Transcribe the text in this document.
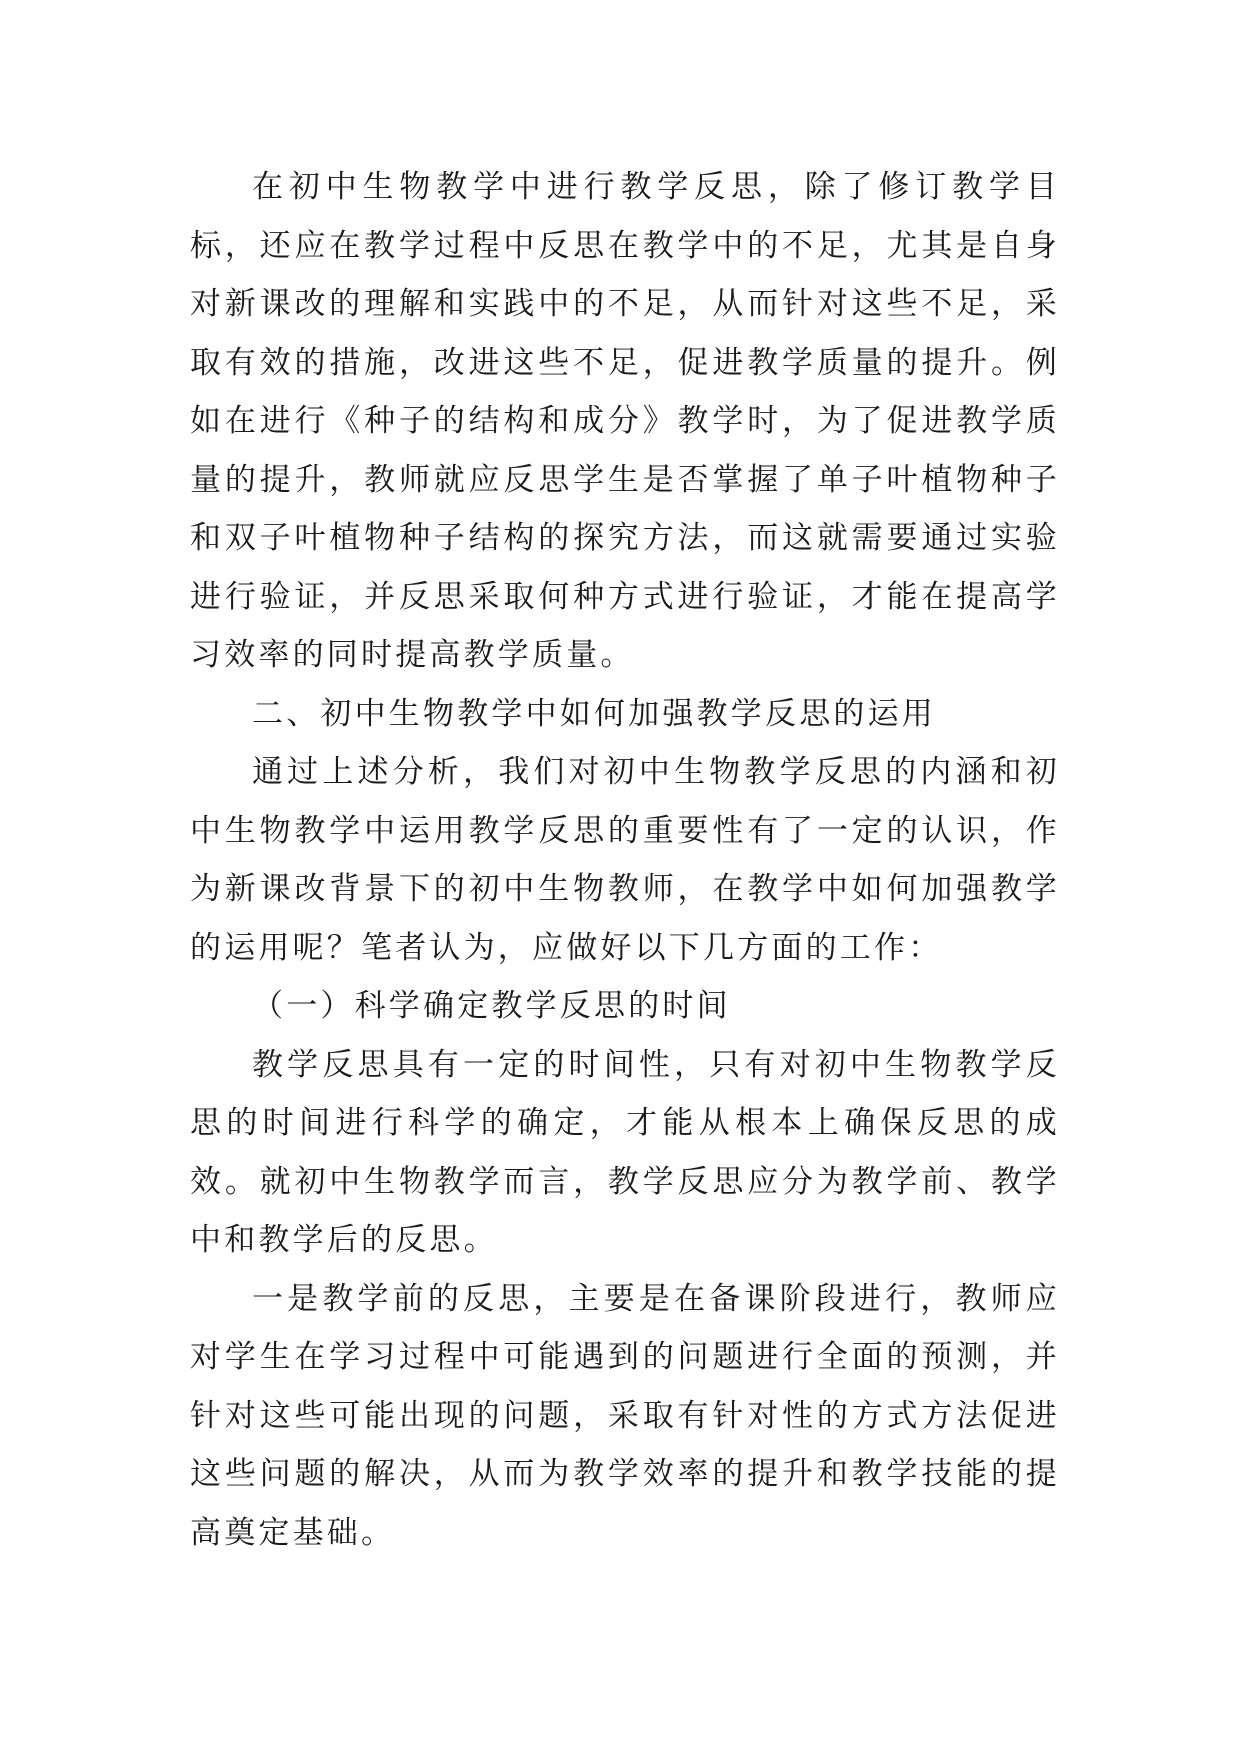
在初中生物教学中进行教学反思，除了修订教学目标，还应在教学过程中反思在教学中的不足，尤其是自身对新课改的理解和实践中的不足，从而针对这些不足，采取有效的措施，改进这些不足，促进教学质量的提升。例如在进行《种子的结构和成分》教学时，为了促进教学质量的提升，教师就应反思学生是否掌握了单子叶植物种子和双子叶植物种子结构的探究方法，而这就需要通过实验进行验证，并反思采取何种方式进行验证，才能在提高学习效率的同时提高教学质量。

二、初中生物教学中如何加强教学反思的运用

通过上述分析，我们对初中生物教学反思的内涵和初中生物教学中运用教学反思的重要性有了一定的认识，作为新课改背景下的初中生物教师，在教学中如何加强教学的运用呢？笔者认为，应做好以下几方面的工作：

（一）科学确定教学反思的时间

教学反思具有一定的时间性，只有对初中生物教学反思的时间进行科学的确定，才能从根本上确保反思的成效。就初中生物教学而言，教学反思应分为教学前、教学中和教学后的反思。

一是教学前的反思，主要是在备课阶段进行，教师应对学生在学习过程中可能遇到的问题进行全面的预测，并针对这些可能出现的问题，采取有针对性的方式方法促进这些问题的解决，从而为教学效率的提升和教学技能的提高奠定基础。
